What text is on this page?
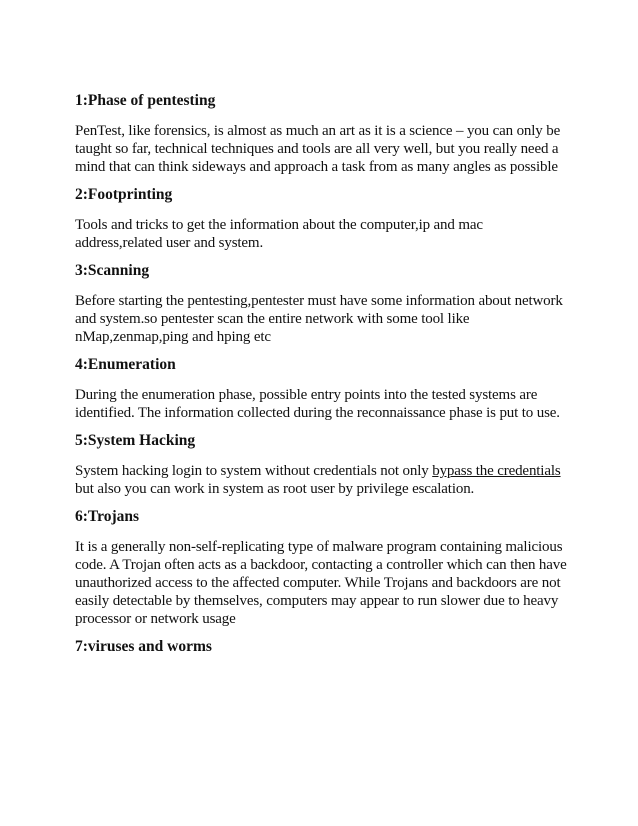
1:Phase of pentesting

PenTest, like forensics, is almost as much an art as it is a science – you can only be taught so far, technical techniques and tools are all very well, but you really need a mind that can think sideways and approach a task from as many angles as possible

2:Footprinting

Tools and tricks to get the information about the computer,ip and mac address,related user and system.

3:Scanning

Before starting the pentesting,pentester must have some information about network and system.so pentester scan the entire network with some tool like nMap,zenmap,ping and hping etc

4:Enumeration

During the enumeration phase, possible entry points into the tested systems are identified. The information collected during the reconnaissance phase is put to use.

5:System Hacking

System hacking login to system without credentials not only bypass the credentials but also you can work in system as root user by privilege escalation.

6:Trojans

It is a generally non-self-replicating type of malware program containing malicious code. A Trojan often acts as a backdoor, contacting a controller which can then have unauthorized access to the affected computer. While Trojans and backdoors are not easily detectable by themselves, computers may appear to run slower due to heavy processor or network usage

7:viruses and worms
